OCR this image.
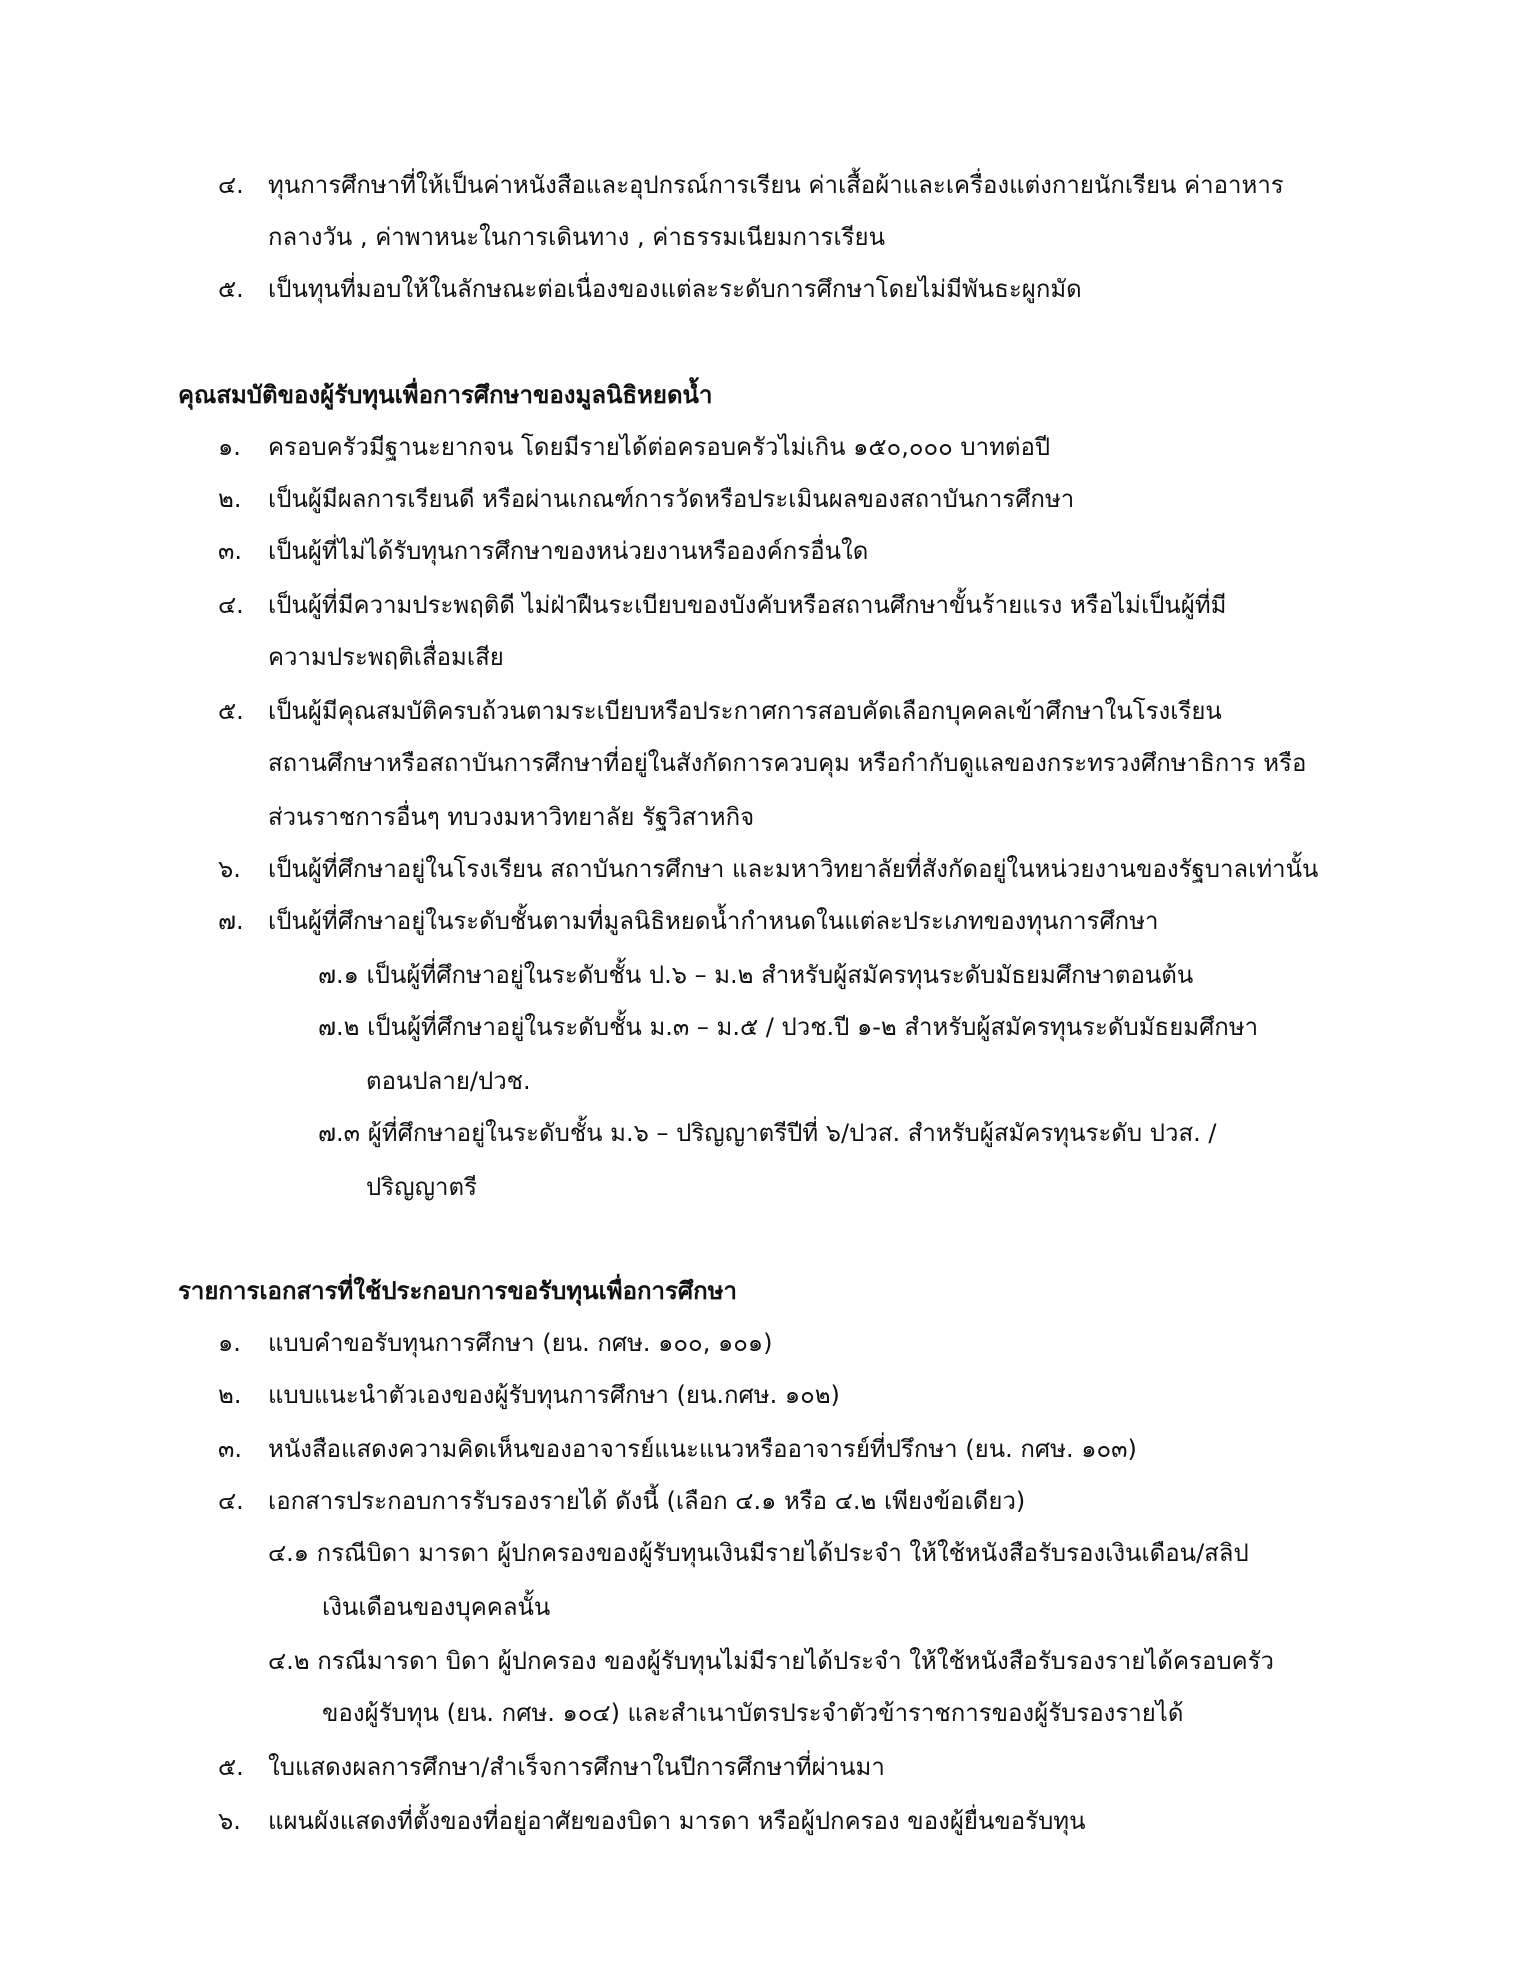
๔. ทุนการศึกษาที่ให้เป็นค่าหนังสือและอุปกรณ์การเรียน ค่าเสื้อผ้าและเครื่องแต่งกายนักเรียน ค่าอาหาร
กลางวัน , ค่าพาหนะในการเดินทาง , ค่าธรรมเนียมการเรียน
๕. เป็นทุนที่มอบให้ในลักษณะต่อเนื่องของแต่ละระดับการศึกษาโดยไม่มีพันธะผูกมัด
คุณสมบัติของผู้รับทุนเพื่อการศึกษาของมูลนิธิหยดน้ำ
๑. ครอบครัวมีฐานะยากจน โดยมีรายได้ต่อครอบครัวไม่เกิน ๑๕๐,๐๐๐ บาทต่อปี
๒. เป็นผู้มีผลการเรียนดี หรือผ่านเกณฑ์การวัดหรือประเมินผลของสถาบันการศึกษา
๓. เป็นผู้ที่ไม่ได้รับทุนการศึกษาของหน่วยงานหรือองค์กรอื่นใด
๔. เป็นผู้ที่มีความประพฤติดี ไม่ฝ่าฝืนระเบียบของบังคับหรือสถานศึกษาขั้นร้ายแรง หรือไม่เป็นผู้ที่มี
ความประพฤติเสื่อมเสีย
๕. เป็นผู้มีคุณสมบัติครบถ้วนตามระเบียบหรือประกาศการสอบคัดเลือกบุคคลเข้าศึกษาในโรงเรียน
สถานศึกษาหรือสถาบันการศึกษาที่อยู่ในสังกัดการควบคุม หรือกำกับดูแลของกระทรวงศึกษาธิการ หรือ
ส่วนราชการอื่นๆ ทบวงมหาวิทยาลัย รัฐวิสาหกิจ
๖. เป็นผู้ที่ศึกษาอยู่ในโรงเรียน สถาบันการศึกษา และมหาวิทยาลัยที่สังกัดอยู่ในหน่วยงานของรัฐบาลเท่านั้น
๗. เป็นผู้ที่ศึกษาอยู่ในระดับชั้นตามที่มูลนิธิหยดน้ำกำหนดในแต่ละประเภทของทุนการศึกษา
๗.๑ เป็นผู้ที่ศึกษาอยู่ในระดับชั้น ป.๖ – ม.๒ สำหรับผู้สมัครทุนระดับมัธยมศึกษาตอนต้น
๗.๒ เป็นผู้ที่ศึกษาอยู่ในระดับชั้น ม.๓ – ม.๕ / ปวช.ปี ๑-๒ สำหรับผู้สมัครทุนระดับมัธยมศึกษา
ตอนปลาย/ปวช.
๗.๓ ผู้ที่ศึกษาอยู่ในระดับชั้น ม.๖ – ปริญญาตรีปีที่ ๖/ปวส. สำหรับผู้สมัครทุนระดับ ปวส. /
ปริญญาตรี
รายการเอกสารที่ใช้ประกอบการขอรับทุนเพื่อการศึกษา
๑. แบบคำขอรับทุนการศึกษา (ยน. กศษ. ๑๐๐, ๑๐๑)
๒. แบบแนะนำตัวเองของผู้รับทุนการศึกษา (ยน.กศษ. ๑๐๒)
๓. หนังสือแสดงความคิดเห็นของอาจารย์แนะแนวหรืออาจารย์ที่ปรึกษา (ยน. กศษ. ๑๐๓)
๔. เอกสารประกอบการรับรองรายได้ ดังนี้ (เลือก ๔.๑ หรือ ๔.๒ เพียงข้อเดียว)
๔.๑ กรณีบิดา มารดา ผู้ปกครองของผู้รับทุนเงินมีรายได้ประจำ ให้ใช้หนังสือรับรองเงินเดือน/สลิป
เงินเดือนของบุคคลนั้น
๔.๒ กรณีมารดา บิดา ผู้ปกครอง ของผู้รับทุนไม่มีรายได้ประจำ ให้ใช้หนังสือรับรองรายได้ครอบครัว
ของผู้รับทุน (ยน. กศษ. ๑๐๔) และสำเนาบัตรประจำตัวข้าราชการของผู้รับรองรายได้
๕. ใบแสดงผลการศึกษา/สำเร็จการศึกษาในปีการศึกษาที่ผ่านมา
๖. แผนผังแสดงที่ตั้งของที่อยู่อาศัยของบิดา มารดา หรือผู้ปกครอง ของผู้ยื่นขอรับทุน
